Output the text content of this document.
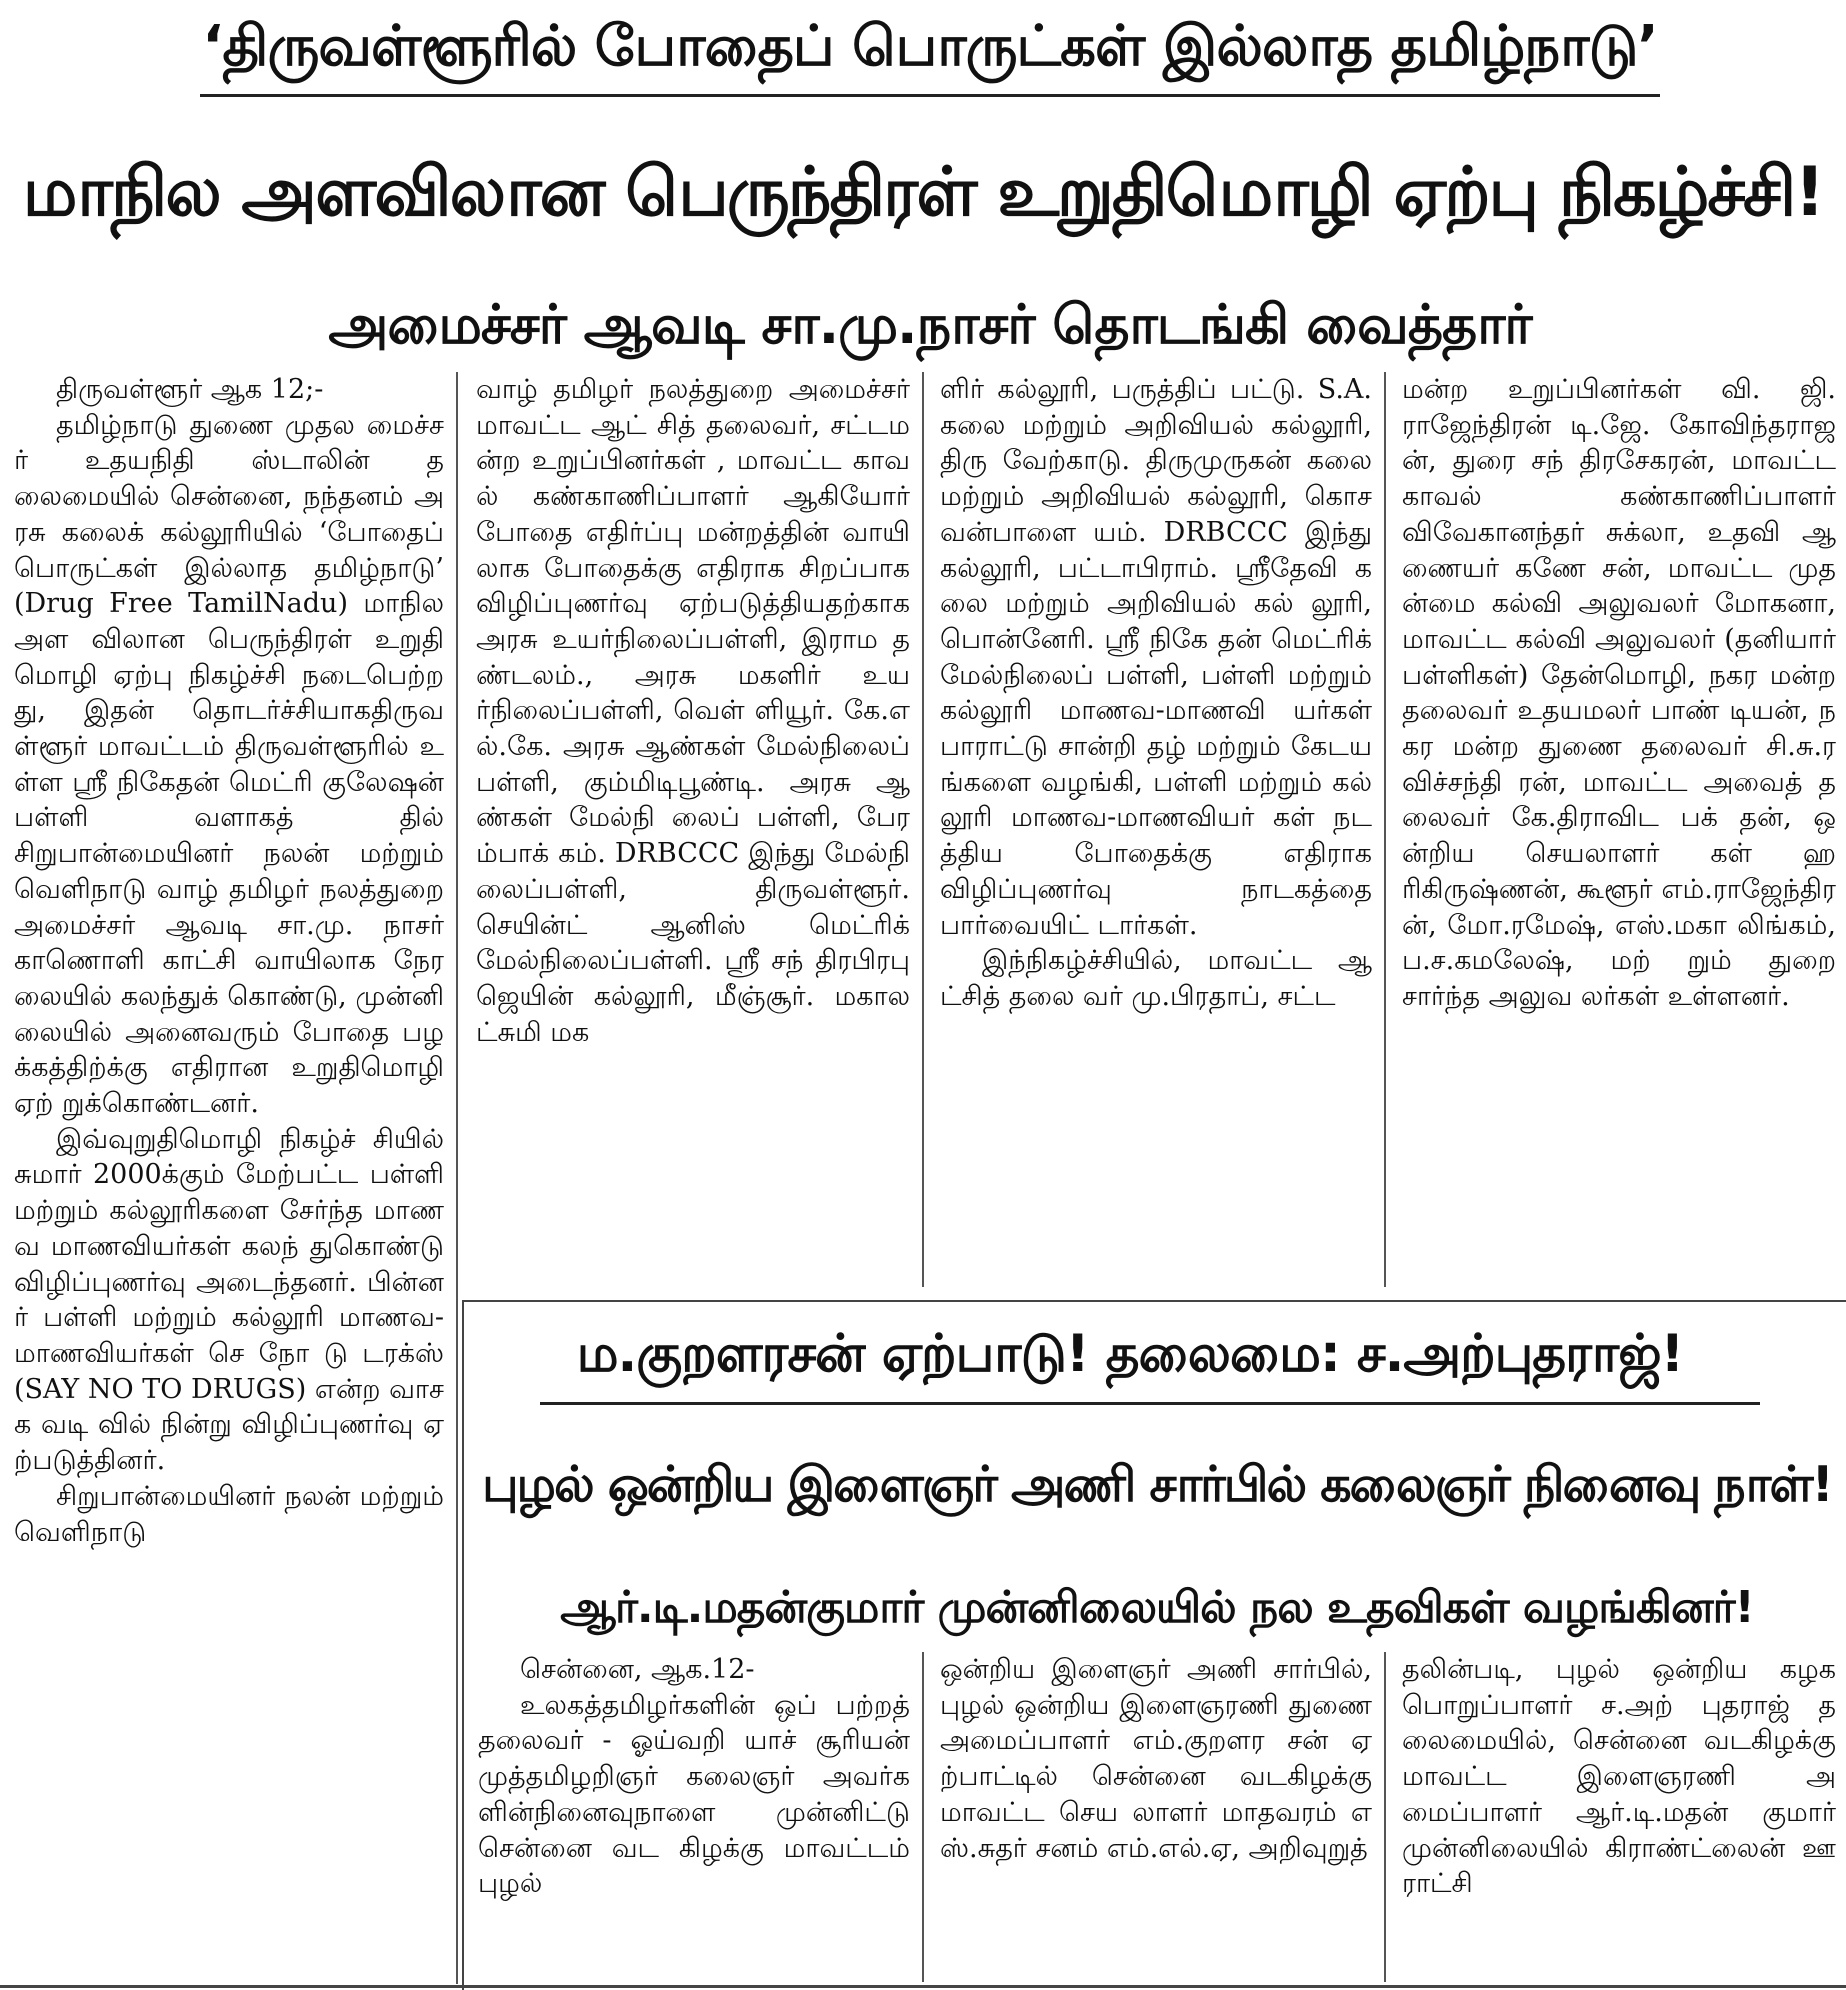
‘திருவள்ளூரில் போதைப் பொருட்கள் இல்லாத தமிழ்நாடு’
மாநில அளவிலான பெருந்திரள் உறுதிமொழி ஏற்பு நிகழ்ச்சி!
அமைச்சர் ஆவடி சா.மு.நாசர் தொடங்கி வைத்தார்

திருவள்ளூர் ஆக 12;-

தமிழ்நாடு துணை முதல மைச்சர் உதயநிதி ஸ்டாலின் தலைமையில் சென்னை, நந்தனம் அரசு கலைக் கல்லூரியில் ‘போதைப் பொருட்கள் இல்லாத தமிழ்நாடு’ (Drug Free TamilNadu) மாநில அள விலான பெருந்திரள் உறுதி மொழி ஏற்பு நிகழ்ச்சி நடைபெற்றது, இதன் தொடர்ச்சியாகதிருவள்ளூர் மாவட்டம் திருவள்ளூரில் உள்ள ஸ்ரீ நிகேதன் மெட்ரி குலேஷன் பள்ளி வளாகத் தில் சிறுபான்மையினர் நலன் மற்றும் வெளிநாடு வாழ் தமிழர் நலத்துறை அமைச்சர் ஆவடி சா.மு. நாசர் காணொளி காட்சி வாயிலாக நேரலையில் கலந்துக் கொண்டு, முன்னி லையில் அனைவரும் போதை பழக்கத்திற்க்கு எதிரான உறுதிமொழி ஏற் றுக்கொண்டனர்.

இவ்வுறுதிமொழி நிகழ்ச் சியில் சுமார் 2000க்கும் மேற்பட்ட பள்ளி மற்றும் கல்லூரிகளை சேர்ந்த மாணவ மாணவியர்கள் கலந் துகொண்டு விழிப்புணர்வு அடைந்தனர். பின்னர் பள்ளி மற்றும் கல்லூரி மாணவ-மாணவியர்கள் செ நோ டு டரக்ஸ் (SAY NO TO DRUGS) என்ற வாசக வடி வில் நின்று விழிப்புணர்வு ஏற்படுத்தினர்.

சிறுபான்மையினர் நலன் மற்றும் வெளிநாடு

வாழ் தமிழர் நலத்துறை அமைச்சர் மாவட்ட ஆட் சித் தலைவர், சட்டமன்ற உறுப்பினர்கள் , மாவட்ட காவல் கண்காணிப்பாளர் ஆகியோர் போதை எதிர்ப்பு மன்றத்தின் வாயி லாக போதைக்கு எதிராக சிறப்பாக விழிப்புணர்வு ஏற்படுத்தியதற்காக அரசு உயர்நிலைப்பள்ளி, இராம தண்டலம்., அரசு மகளிர் உயர்நிலைப்பள்ளி, வெள் ளியூர். கே.எல்.கே. அரசு ஆண்கள் மேல்நிலைப் பள்ளி, கும்மிடிபூண்டி. அரசு ஆண்கள் மேல்நி லைப் பள்ளி, பேரம்பாக் கம். DRBCCC இந்து மேல்நி லைப்பள்ளி, திருவள்ளூர். செயின்ட் ஆனிஸ் மெட்ரிக் மேல்நிலைப்பள்ளி. ஸ்ரீ சந் திரபிரபு ஜெயின் கல்லூரி, மீஞ்சூர். மகாலட்சுமி மக

ளிர் கல்லூரி, பருத்திப் பட்டு. S.A. கலை மற்றும் அறிவியல் கல்லூரி, திரு வேற்காடு. திருமுருகன் கலை மற்றும் அறிவியல் கல்லூரி, கொசவன்பாளை யம். DRBCCC இந்து கல்லூரி, பட்டாபிராம். ஸ்ரீதேவி கலை மற்றும் அறிவியல் கல் லூரி, பொன்னேரி. ஸ்ரீ நிகே தன் மெட்ரிக் மேல்நிலைப் பள்ளி, பள்ளி மற்றும் கல்லூரி மாணவ-மாணவி யர்கள் பாராட்டு சான்றி தழ் மற்றும் கேடயங்களை வழங்கி, பள்ளி மற்றும் கல் லூரி மாணவ-மாணவியர் கள் நடத்திய போதைக்கு எதிராக விழிப்புணர்வு நாடகத்தை பார்வையிட் டார்கள்.

இந்நிகழ்ச்சியில், மாவட்ட ஆட்சித் தலை வர் மு.பிரதாப், சட்ட

மன்ற உறுப்பினர்கள் வி. ஜி.ராஜேந்திரன் டி.ஜே. கோவிந்தராஜன், துரை சந் திரசேகரன், மாவட்ட காவல் கண்காணிப்பாளர் விவேகானந்தர் சுக்லா, உதவி ஆணையர் கணே சன், மாவட்ட முதன்மை கல்வி அலுவலர் மோகனா, மாவட்ட கல்வி அலுவலர் (தனியார் பள்ளிகள்) தேன்மொழி, நகர மன்ற தலைவர் உதயமலர் பாண் டியன், நகர மன்ற துணை தலைவர் சி.சு.ரவிச்சந்தி ரன், மாவட்ட அவைத் தலைவர் கே.திராவிட பக் தன், ஒன்றிய செயலாளர் கள் ஹரிகிருஷ்ணன், கூளூர் எம்.ராஜேந்திரன், மோ.ரமேஷ், எஸ்.மகா லிங்கம், ப.ச.கமலேஷ், மற் றும் துறை சார்ந்த அலுவ லர்கள் உள்ளனர்.

ம.குறளரசன் ஏற்பாடு! தலைமை: ச.அற்புதராஜ்!
புழல் ஒன்றிய இளைஞர் அணி சார்பில் கலைஞர் நினைவு நாள்!
ஆர்.டி.மதன்குமார் முன்னிலையில் நல உதவிகள் வழங்கினர்!

சென்னை, ஆக.12-

உலகத்தமிழர்களின் ஒப் பற்றத் தலைவர் - ஓய்வறி யாச் சூரியன் முத்தமிழறிஞர் கலைஞர் அவர்களின்நினைவுநாளை முன்னிட்டு சென்னை வட கிழக்கு மாவட்டம் புழல்

ஒன்றிய இளைஞர் அணி சார்பில்,புழல் ஒன்றிய இளைஞரணி துணை அமைப்பாளர் எம்.குறளர சன் ஏற்பாட்டில் சென்னை வடகிழக்கு மாவட்ட செய லாளர் மாதவரம் எஸ்.சுதர் சனம் எம்.எல்.ஏ, அறிவுறுத்

தலின்படி, புழல் ஒன்றிய கழக பொறுப்பாளர் ச.அற் புதராஜ் தலைமையில், சென்னை வடகிழக்கு மாவட்ட இளைஞரணி அமைப்பாளர் ஆர்.டி.மதன் குமார் முன்னிலையில் கிராண்ட்லைன் ஊராட்சி
